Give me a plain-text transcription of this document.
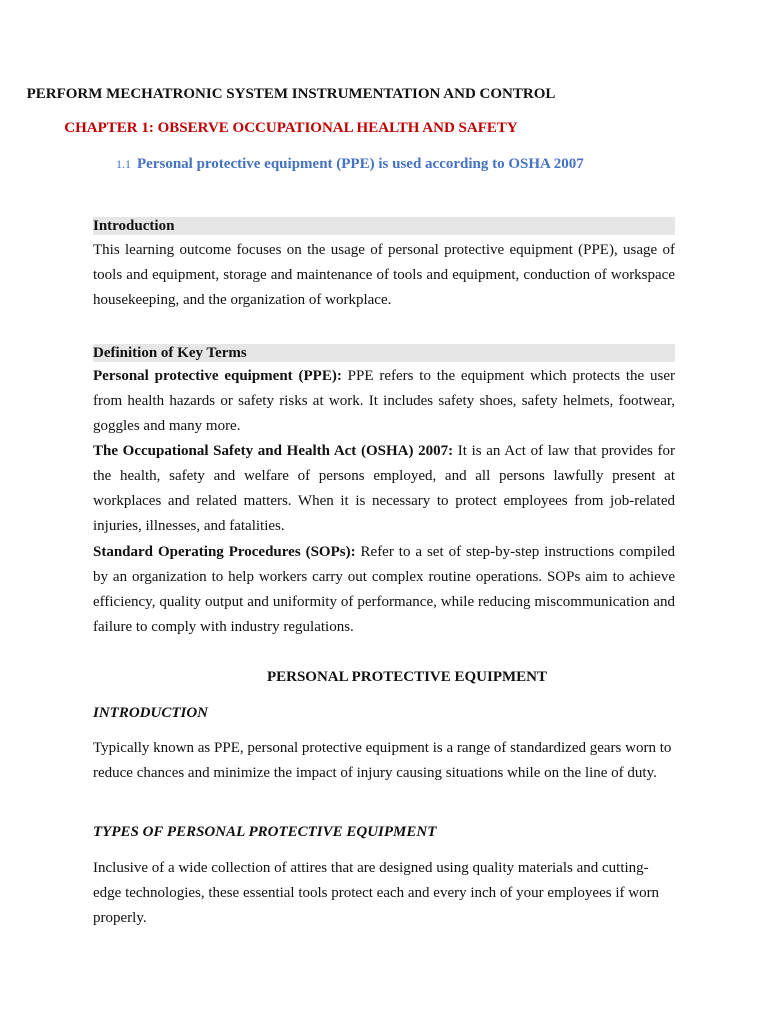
PERFORM MECHATRONIC SYSTEM INSTRUMENTATION AND CONTROL
CHAPTER 1: OBSERVE OCCUPATIONAL HEALTH AND SAFETY
1.1 Personal protective equipment (PPE) is used according to OSHA 2007
Introduction

This learning outcome focuses on the usage of personal protective equipment (PPE), usage of tools and equipment, storage and maintenance of tools and equipment, conduction of workspace housekeeping, and the organization of workplace.

Definition of Key Terms

Personal protective equipment (PPE): PPE refers to the equipment which protects the user from health hazards or safety risks at work. It includes safety shoes, safety helmets, footwear, goggles and many more.

The Occupational Safety and Health Act (OSHA) 2007: It is an Act of law that provides for the health, safety and welfare of persons employed, and all persons lawfully present at workplaces and related matters. When it is necessary to protect employees from job-related injuries, illnesses, and fatalities.

Standard Operating Procedures (SOPs): Refer to a set of step-by-step instructions compiled by an organization to help workers carry out complex routine operations. SOPs aim to achieve efficiency, quality output and uniformity of performance, while reducing miscommunication and failure to comply with industry regulations.

PERSONAL PROTECTIVE EQUIPMENT
INTRODUCTION

Typically known as PPE, personal protective equipment is a range of standardized gears worn to reduce chances and minimize the impact of injury causing situations while on the line of duty.

TYPES OF PERSONAL PROTECTIVE EQUIPMENT

Inclusive of a wide collection of attires that are designed using quality materials and cutting-edge technologies, these essential tools protect each and every inch of your employees if worn properly.
